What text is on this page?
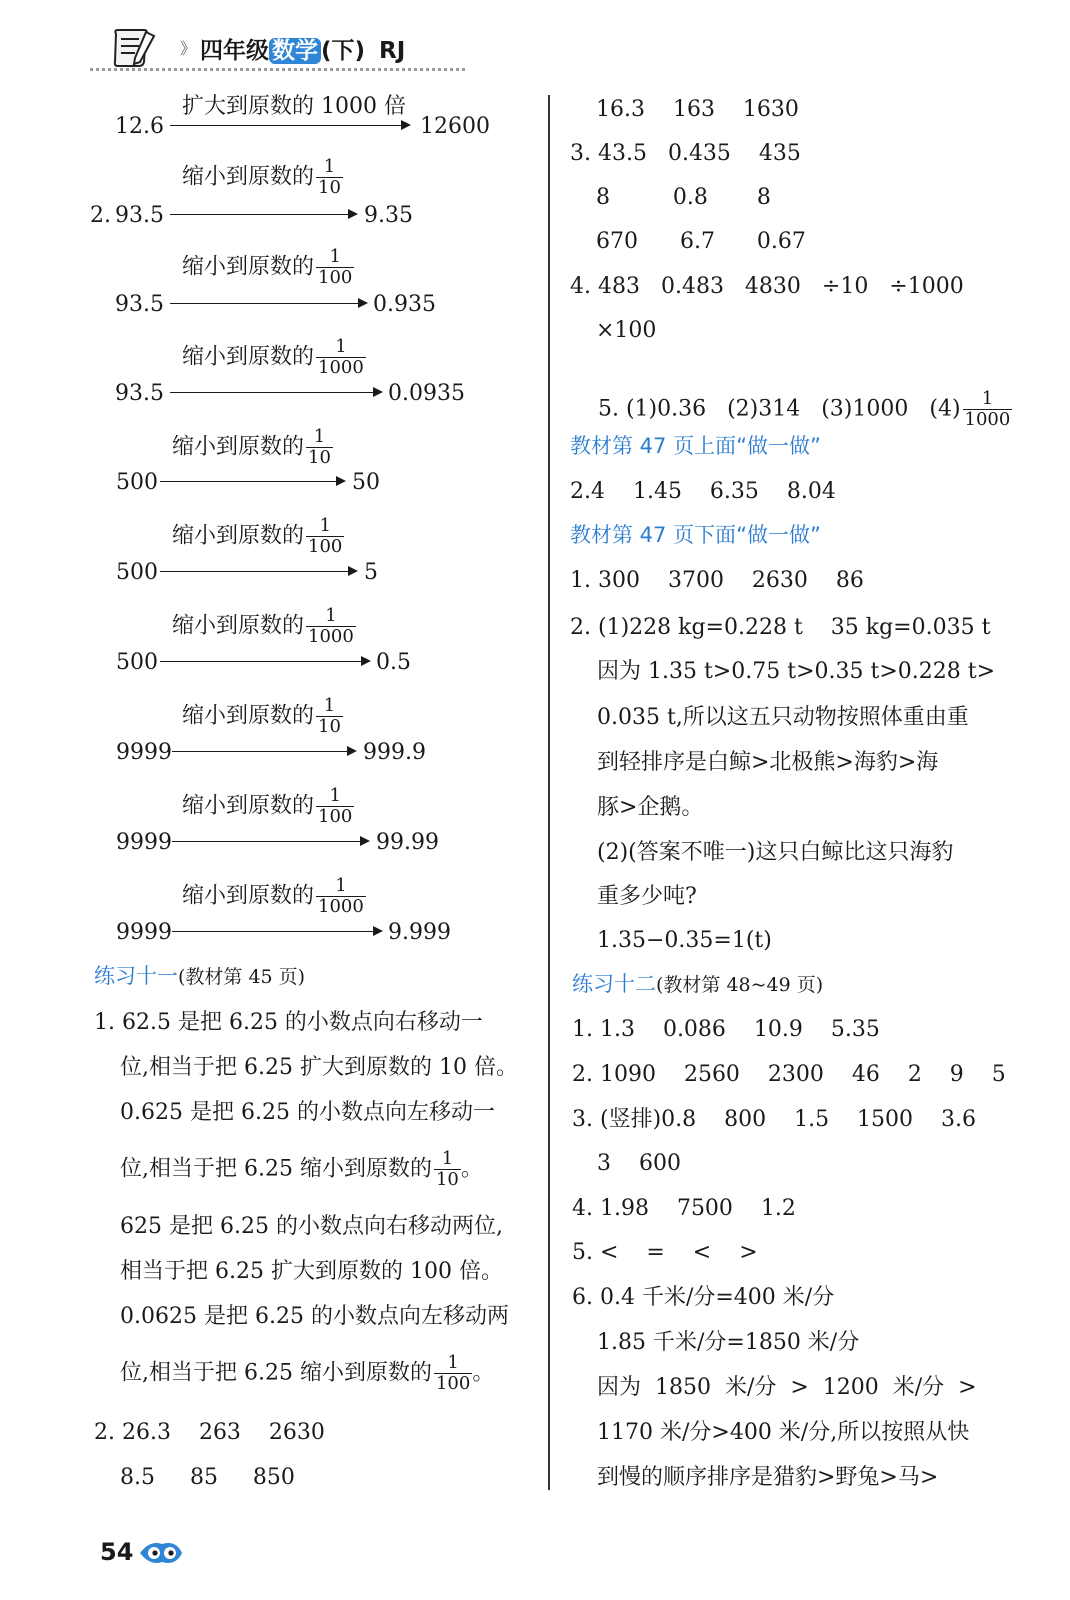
》 四年级 数学 (下) RJ
扩大到原数的 1000 倍
12.6	12600
缩小到原数的 $\frac{1}{10}$
2. 93.5	9.35
缩小到原数的 $\frac{1}{100}$
93.5	0.935
缩小到原数的 $\frac{1}{1000}$
93.5	0.0935
缩小到原数的 $\frac{1}{10}$
500	50
缩小到原数的 $\frac{1}{100}$
500	5
缩小到原数的 $\frac{1}{1000}$
500	0.5
缩小到原数的 $\frac{1}{10}$
9999	999.9
缩小到原数的 $\frac{1}{100}$
9999	99.99
缩小到原数的 $\frac{1}{1000}$
9999	9.999
练习十一(教材第 45 页)
1. 62.5 是把 6.25 的小数点向右移动一
位,相当于把 6.25 扩大到原数的 10 倍。
0.625 是把 6.25 的小数点向左移动一
位,相当于把 6.25 缩小到原数的 $\frac{1}{10}$ 。
625 是把 6.25 的小数点向右移动两位,
相当于把 6.25 扩大到原数的 100 倍。
0.0625 是把 6.25 的小数点向左移动两
位,相当于把 6.25 缩小到原数的 $\frac{1}{100}$ 。
2. 26.3    263    2630
8.5     85     850
16.3    163    1630
3. 43.5   0.435    435
8         0.8       8
670      6.7      0.67
4. 483   0.483   4830   ÷10   ÷1000
×100

5. (1)0.36   (2)314   (3)1000   $(4) \frac{1}{1000}$

教材第 47 页上面“做一做”
2.4    1.45    6.35    8.04
教材第 47 页下面“做一做”
1. 300    3700    2630    86
2. (1)228 kg=0.228 t    35 kg=0.035 t
因为 1.35 t>0.75 t>0.35 t>0.228 t>
0.035 t,所以这五只动物按照体重由重
到轻排序是白鲸>北极熊>海豹>海
豚>企鹅。
(2)(答案不唯一)这只白鲸比这只海豹
重多少吨?
1.35−0.35=1(t)
练习十二(教材第 48~49 页)
1. 1.3    0.086    10.9    5.35
2. 1090    2560    2300    46    2    9    5
3. (竖排)0.8    800    1.5    1500    3.6
3    600
4. 1.98    7500    1.2
5. <    =    <    >
6. 0.4 千米/分=400 米/分
1.85 千米/分=1850 米/分
因为  1850  米/分  >  1200  米/分  >
1170 米/分>400 米/分,所以按照从快
到慢的顺序排序是猎豹>野兔>马>
54
